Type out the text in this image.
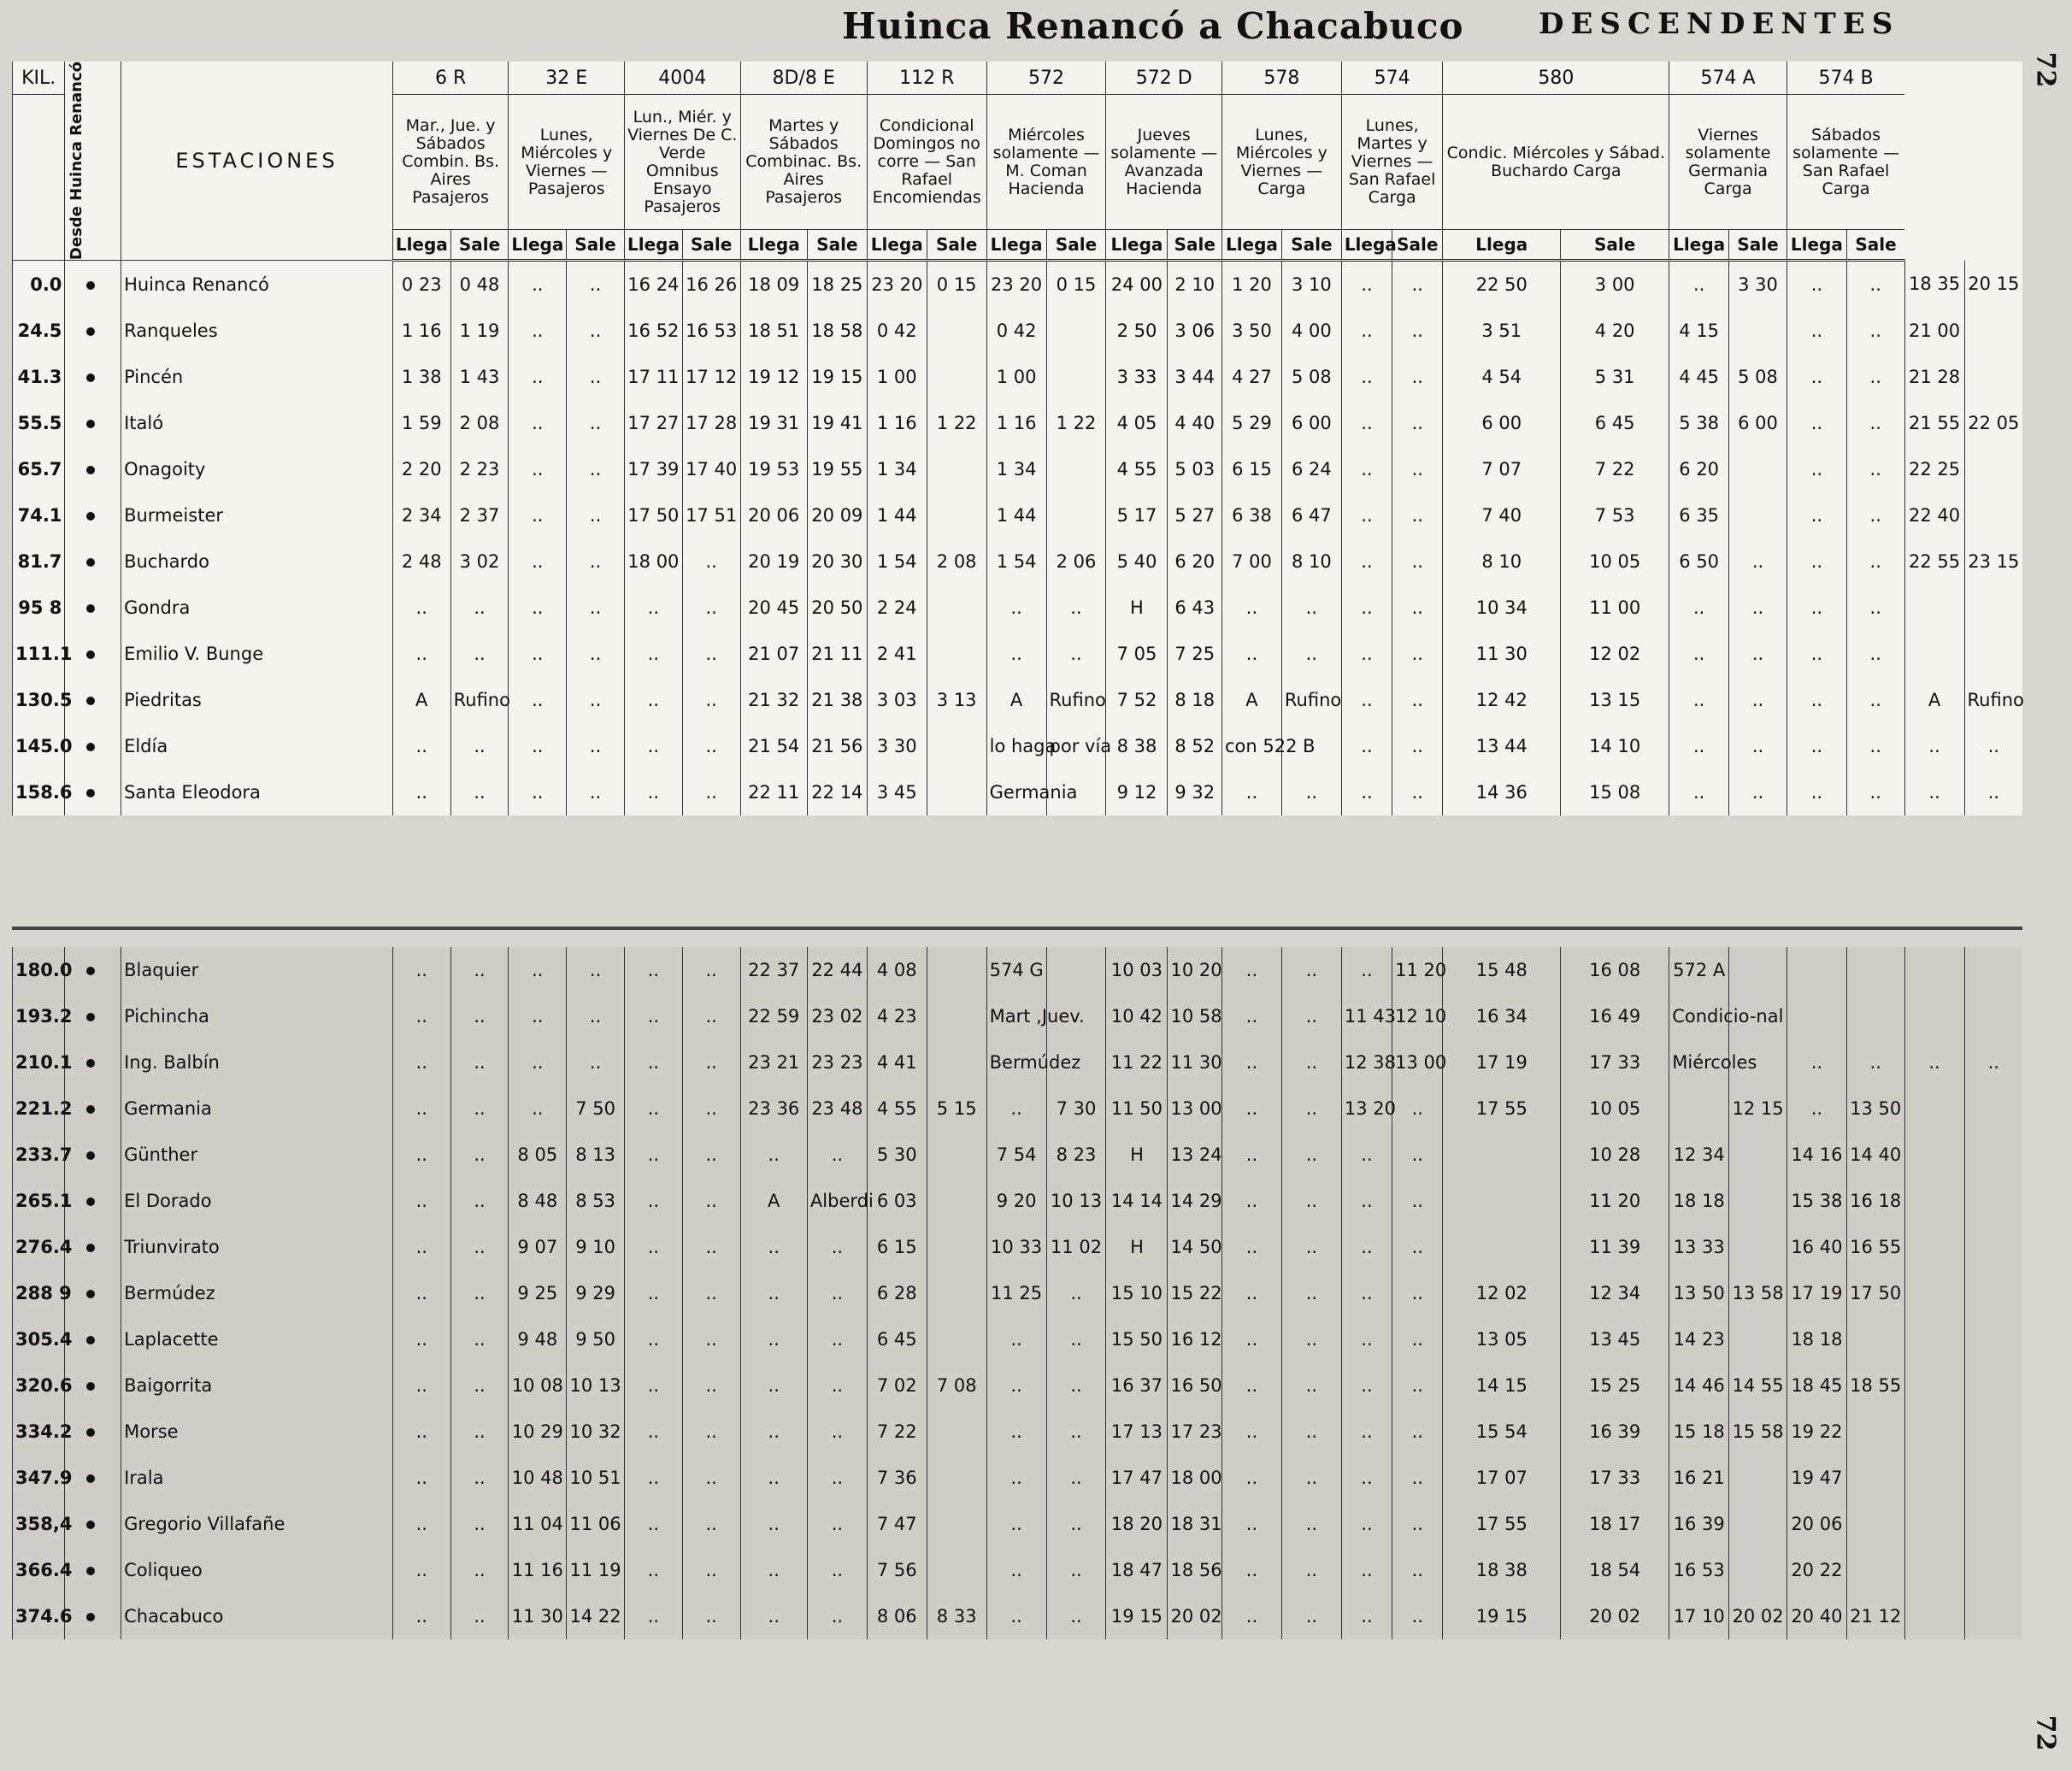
Huinca Renancó a Chacabuco	DESCENDENTES
72
72
KIL.	Desde Huinca Renancó	ESTACIONES	6 R		32 E		4004		8D/8 E		112 R		572		572 D		578		574		580		574 A		574 B			
			Mar., Jue. y Sábados Combin. Bs. Aires Pasajeros		Lunes, Miércoles y Viernes — Pasajeros		Lun., Miér. y Viernes De C. Verde Omnibus Ensayo Pasajeros		Martes y Sábados Combinac. Bs. Aires Pasajeros		Condicional Domingos no corre — San Rafael Encomiendas		Miércoles solamente — M. Coman Hacienda		Jueves solamente — Avanzada Hacienda		Lunes, Miércoles y Viernes — Carga		Lunes, Martes y Viernes — San Rafael Carga		Condic. Miércoles y Sábad. Buchardo Carga		Viernes solamente Germania Carga		Sábados solamente — San Rafael Carga			
			Llega	Sale	Llega	Sale	Llega	Sale	Llega	Sale	Llega	Sale	Llega	Sale	Llega	Sale	Llega	Sale	Llega	Sale	Llega	Sale	Llega	Sale	Llega	Sale		
0.0		Huinca Renancó	0 23	0 48	..	..	16 24	16 26	18 09	18 25	23 20	0 15	23 20	0 15	24 00	2 10	1 20	3 10	..	..	22 50	3 00	..	3 30	..	..	18 35	20 15
24.5		Ranqueles	1 16	1 19	..	..	16 52	16 53	18 51	18 58	0 42		0 42		2 50	3 06	3 50	4 00	..	..	3 51	4 20	4 15		..	..	21 00	
41.3		Pincén	1 38	1 43	..	..	17 11	17 12	19 12	19 15	1 00		1 00		3 33	3 44	4 27	5 08	..	..	4 54	5 31	4 45	5 08	..	..	21 28	
55.5		Italó	1 59	2 08	..	..	17 27	17 28	19 31	19 41	1 16	1 22	1 16	1 22	4 05	4 40	5 29	6 00	..	..	6 00	6 45	5 38	6 00	..	..	21 55	22 05
65.7		Onagoity	2 20	2 23	..	..	17 39	17 40	19 53	19 55	1 34		1 34		4 55	5 03	6 15	6 24	..	..	7 07	7 22	6 20		..	..	22 25	
74.1		Burmeister	2 34	2 37	..	..	17 50	17 51	20 06	20 09	1 44		1 44		5 17	5 27	6 38	6 47	..	..	7 40	7 53	6 35		..	..	22 40	
81.7		Buchardo	2 48	3 02	..	..	18 00	..	20 19	20 30	1 54	2 08	1 54	2 06	5 40	6 20	7 00	8 10	..	..	8 10	10 05	6 50	..	..	..	22 55	23 15
95 8		Gondra	..	..	..	..	..	..	20 45	20 50	2 24		..	..	H	6 43	..	..	..	..	10 34	11 00	..	..	..	..		
111.1		Emilio V. Bunge	..	..	..	..	..	..	21 07	21 11	2 41		..	..	7 05	7 25	..	..	..	..	11 30	12 02	..	..	..	..		
130.5		Piedritas	A	Rufino	..	..	..	..	21 32	21 38	3 03	3 13	A	Rufino	7 52	8 18	A	Rufino	..	..	12 42	13 15	..	..	..	..	A	Rufino
145.0		Eldía	..	..	..	..	..	..	21 54	21 56	3 30		lo haga	por vía	8 38	8 52	con 522 B		..	..	13 44	14 10	..	..	..	..	..	..
158.6		Santa Eleodora	..	..	..	..	..	..	22 11	22 14	3 45		Germania		9 12	9 32	..	..	..	..	14 36	15 08	..	..	..	..	..	..
180.0		Blaquier	..	..	..	..	..	..	22 37	22 44	4 08		574 G		10 03	10 20	..	..	..	11 20	15 48	16 08	572 A					
193.2		Pichincha	..	..	..	..	..	..	22 59	23 02	4 23		Mart ,Juev.		10 42	10 58	..	..	11 43	12 10	16 34	16 49	Condicio-nal					
210.1		Ing. Balbín	..	..	..	..	..	..	23 21	23 23	4 41		Bermúdez		11 22	11 30	..	..	12 38	13 00	17 19	17 33	Miércoles		..	..	..	..
221.2		Germania	..	..	..	7 50	..	..	23 36	23 48	4 55	5 15	..	7 30	11 50	13 00	..	..	13 20	..	17 55	10 05		12 15	..	13 50		
233.7		Günther	..	..	8 05	8 13	..	..	..	..	5 30		7 54	8 23	H	13 24	..	..	..	..		10 28	12 34		14 16	14 40		
265.1		El Dorado	..	..	8 48	8 53	..	..	A	Alberdi	6 03		9 20	10 13	14 14	14 29	..	..	..	..		11 20	18 18		15 38	16 18		
276.4		Triunvirato	..	..	9 07	9 10	..	..	..	..	6 15		10 33	11 02	H	14 50	..	..	..	..		11 39	13 33		16 40	16 55		
288 9		Bermúdez	..	..	9 25	9 29	..	..	..	..	6 28		11 25	..	15 10	15 22	..	..	..	..	12 02	12 34	13 50	13 58	17 19	17 50		
305.4		Laplacette	..	..	9 48	9 50	..	..	..	..	6 45		..	..	15 50	16 12	..	..	..	..	13 05	13 45	14 23		18 18			
320.6		Baigorrita	..	..	10 08	10 13	..	..	..	..	7 02	7 08	..	..	16 37	16 50	..	..	..	..	14 15	15 25	14 46	14 55	18 45	18 55		
334.2		Morse	..	..	10 29	10 32	..	..	..	..	7 22		..	..	17 13	17 23	..	..	..	..	15 54	16 39	15 18	15 58	19 22			
347.9		Irala	..	..	10 48	10 51	..	..	..	..	7 36		..	..	17 47	18 00	..	..	..	..	17 07	17 33	16 21		19 47			
358,4		Gregorio Villafañe	..	..	11 04	11 06	..	..	..	..	7 47		..	..	18 20	18 31	..	..	..	..	17 55	18 17	16 39		20 06			
366.4		Coliqueo	..	..	11 16	11 19	..	..	..	..	7 56		..	..	18 47	18 56	..	..	..	..	18 38	18 54	16 53		20 22			
374.6		Chacabuco	..	..	11 30	14 22	..	..	..	..	8 06	8 33	..	..	19 15	20 02	..	..	..	..	19 15	20 02	17 10	20 02	20 40	21 12		
